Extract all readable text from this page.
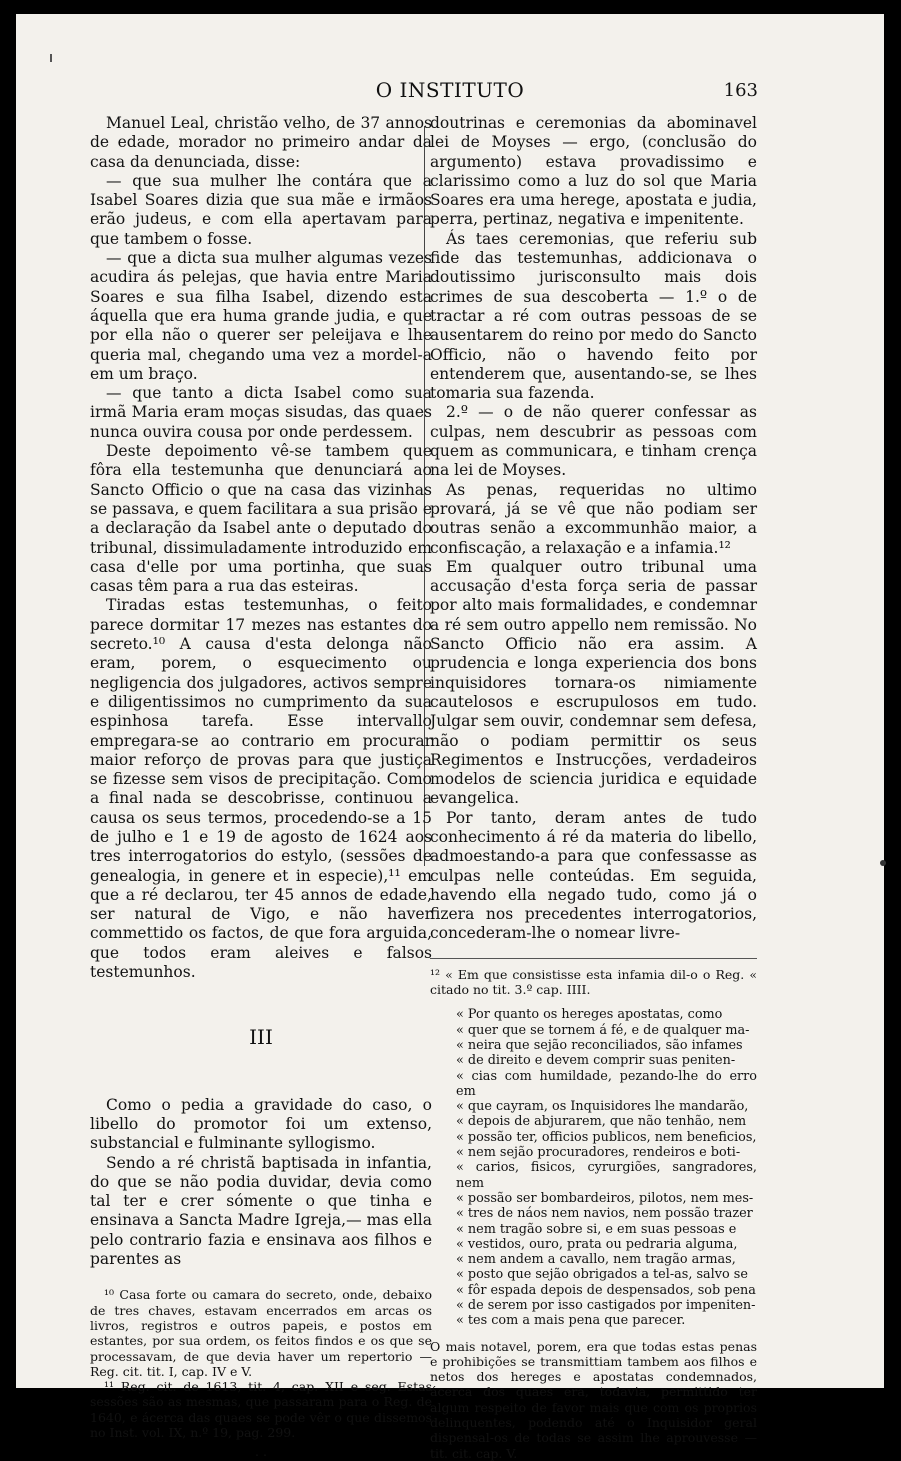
O INSTITUTO	163

Manuel Leal, christão velho, de 37 annos de edade, morador no primeiro andar da casa da denunciada, disse:

— que sua mulher lhe contára que a Isabel Soares dizia que sua mãe e irmãos erão judeus, e com ella apertavam para que tambem o fosse.

— que a dicta sua mulher algumas vezes acudira ás pelejas, que havia entre Maria Soares e sua filha Isabel, dizendo esta áquella que era huma grande judia, e que por ella não o querer ser peleijava e lhe queria mal, chegando uma vez a mordel-a em um braço.

— que tanto a dicta Isabel como sua irmã Maria eram moças sisudas, das quaes nunca ouvira cousa por onde perdessem.

Deste depoimento vê-se tambem que fôra ella testemunha que denunciará ao Sancto Officio o que na casa das vizinhas se passava, e quem facilitara a sua prisão e a declaração da Isabel ante o deputado do tribunal, dissimuladamente introduzido em casa d'elle por uma portinha, que suas casas têm para a rua das esteiras.

Tiradas estas testemunhas, o feito parece dormitar 17 mezes nas estantes do secreto.¹⁰ A causa d'esta delonga não eram, porem, o esquecimento ou negligencia dos julgadores, activos sempre e diligentissimos no cumprimento da sua espinhosa tarefa. Esse intervallo empregara-se ao contrario em procurar maior reforço de provas para que justiça se fizesse sem visos de precipitação. Como a final nada se descobrisse, continuou a causa os seus termos, procedendo-se a 15 de julho e 1 e 19 de agosto de 1624 aos tres interrogatorios do estylo, (sessões de genealogia, in genere et in especie),¹¹ em que a ré declarou, ter 45 annos de edade, ser natural de Vigo, e não haver commettido os factos, de que fora arguida, que todos eram aleives e falsos testemunhos.

III

Como o pedia a gravidade do caso, o libello do promotor foi um extenso, substancial e fulminante syllogismo.

Sendo a ré christã baptisada in infantia, do que se não podia duvidar, devia como tal ter e crer sómente o que tinha e ensinava a Sancta Madre Igreja,— mas ella pelo contrario fazia e ensinava aos filhos e parentes as

¹⁰ Casa forte ou camara do secreto, onde, debaixo de tres chaves, estavam encerrados em arcas os livros, registros e outros papeis, e postos em estantes, por sua ordem, os feitos findos e os que se processavam, de que devia haver um repertorio — Reg. cit. tit. I, cap. IV e V.

¹¹ Reg. cit. de 1613, tit. 4, cap. XII e seg. Estas sessões são as mesmas, que passaram para o Reg. de 1640, e ácerca das quaes se pode vêr o que dissemos no Inst. vol. IX, n.º 19, pag. 299.

. .

doutrinas e ceremonias da abominavel lei de Moyses — ergo, (conclusão do argumento) estava provadissimo e clarissimo como a luz do sol que Maria Soares era uma herege, apostata e judia, perra, pertinaz, negativa e impenitente.

Ás taes ceremonias, que referiu sub fide das testemunhas, addicionava o doutissimo jurisconsulto mais dois crimes de sua descoberta — 1.º o de tractar a ré com outras pessoas de se ausentarem do reino por medo do Sancto Officio, não o havendo feito por entenderem que, ausentando-se, se lhes tomaria sua fazenda.

2.º — o de não querer confessar as culpas, nem descubrir as pessoas com quem as communicara, e tinham crença na lei de Moyses.

As penas, requeridas no ultimo provará, já se vê que não podiam ser outras senão a excommunhão maior, a confiscação, a relaxação e a infamia.¹²

Em qualquer outro tribunal uma accusação d'esta força seria de passar por alto mais formalidades, e condemnar a ré sem outro appello nem remissão. No Sancto Officio não era assim. A prudencia e longa experiencia dos bons inquisidores tornara-os nimiamente cautelosos e escrupulosos em tudo. Julgar sem ouvir, condemnar sem defesa, não o podiam permittir os seus Regimentos e Instrucções, verdadeiros modelos de sciencia juridica e equidade evangelica.

Por tanto, deram antes de tudo conhecimento á ré da materia do libello, admoestando-a para que confessasse as culpas nelle conteúdas. Em seguida, havendo ella negado tudo, como já o fizera nos precedentes interrogatorios, concederam-lhe o nomear livre-

¹² « Em que consistisse esta infamia dil-o o Reg. « citado no tit. 3.º cap. IIII.
« Por quanto os hereges apostatas, como
« quer que se tornem á fé, e de qualquer ma-
« neira que sejão reconciliados, são infames
« de direito e devem comprir suas peniten-
« cias com humildade, pezando-lhe do erro em
« que cayram, os Inquisidores lhe mandarão,
« depois de abjurarem, que não tenhão, nem
« possão ter, officios publicos, nem beneficios,
« nem sejão procuradores, rendeiros e boti-
« carios, fisicos, cyrurgiões, sangradores, nem
« possão ser bombardeiros, pilotos, nem mes-
« tres de náos nem navios, nem possão trazer
« nem tragão sobre si, e em suas pessoas e
« vestidos, ouro, prata ou pedraria alguma,
« nem andem a cavallo, nem tragão armas,
« posto que sejão obrigados a tel-as, salvo se
« fôr espada depois de despensados, sob pena
« de serem por isso castigados por impeniten-
« tes com a mais pena que parecer.
O mais notavel, porem, era que todas estas penas e prohibições se transmittiam tambem aos filhos e netos dos hereges e apostatas condemnados, ácerca dos quaes era, todavia, permittido ter algum respeito de favor mais que com os proprios delinquentes, podendo até o Inquisidor geral dispensal-os de todas se assim lhe aprouvesse — tit. cit. cap. V.
